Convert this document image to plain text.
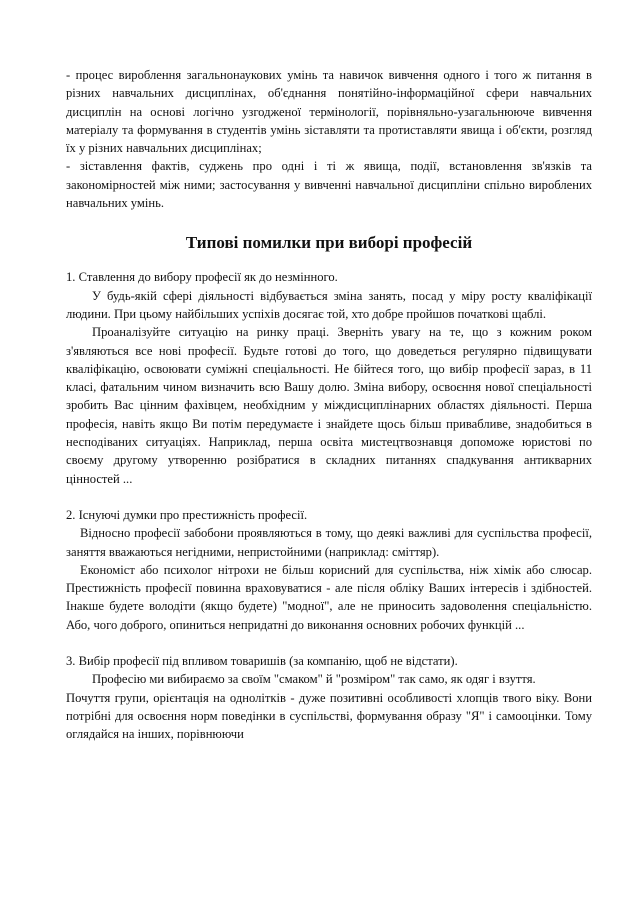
- процес вироблення загальнонаукових умінь та навичок вивчення одного і того ж питання в різних навчальних дисциплінах, об'єднання понятійно-інформаційної сфери навчальних дисциплін на основі логічно узгодженої термінології, порівняльно-узагальнююче вивчення матеріалу та формування в студентів умінь зіставляти та протиставляти явища і об'єкти, розгляд їх у різних навчальних дисциплінах;

- зіставлення фактів, суджень про одні і ті ж явища, події, встановлення зв'язків та закономірностей між ними; застосування у вивченні навчальної дисципліни спільно вироблених навчальних умінь.

Типові помилки при виборі професій

1. Ставлення до вибору професії як до незмінного.

У будь-якій сфері діяльності відбувається зміна занять, посад у міру росту кваліфікації людини. При цьому найбільших успіхів досягає той, хто добре пройшов початкові щаблі.

Проаналізуйте ситуацію на ринку праці. Зверніть увагу на те, що з кожним роком з'являються все нові професії. Будьте готові до того, що доведеться регулярно підвищувати кваліфікацію, освоювати суміжні спеціальності. Не бійтеся того, що вибір професії зараз, в 11 класі, фатальним чином визначить всю Вашу долю. Зміна вибору, освоєння нової спеціальності зробить Вас цінним фахівцем, необхідним у міждисциплінарних областях діяльності. Перша професія, навіть якщо Ви потім передумаєте і знайдете щось більш привабливе, знадобиться в несподіваних ситуаціях. Наприклад, перша освіта мистецтвознавця допоможе юристові по своєму другому утворенню розібратися в складних питаннях спадкування антикварних цінностей ...

2. Існуючі думки про престижність професії.

Відносно професії забобони проявляються в тому, що деякі важливі для суспільства професії, заняття вважаються негідними, непристойними (наприклад: сміттяр).

Економіст або психолог нітрохи не більш корисний для суспільства, ніж хімік або слюсар. Престижність професії повинна враховуватися - але після обліку Ваших інтересів і здібностей. Інакше будете володіти (якщо будете) "модної", але не приносить задоволення спеціальністю. Або, чого доброго, опиниться непридатні до виконання основних робочих функцій ...

3. Вибір професії під впливом товаришів (за компанію, щоб не відстати).

Професію ми вибираємо за своїм "смаком" й "розміром" так само, як одяг і взуття.

Почуття групи, орієнтація на однолітків - дуже позитивні особливості хлопців твого віку. Вони потрібні для освоєння норм поведінки в суспільстві, формування образу "Я" і самооцінки. Тому оглядайся на інших, порівнюючи
